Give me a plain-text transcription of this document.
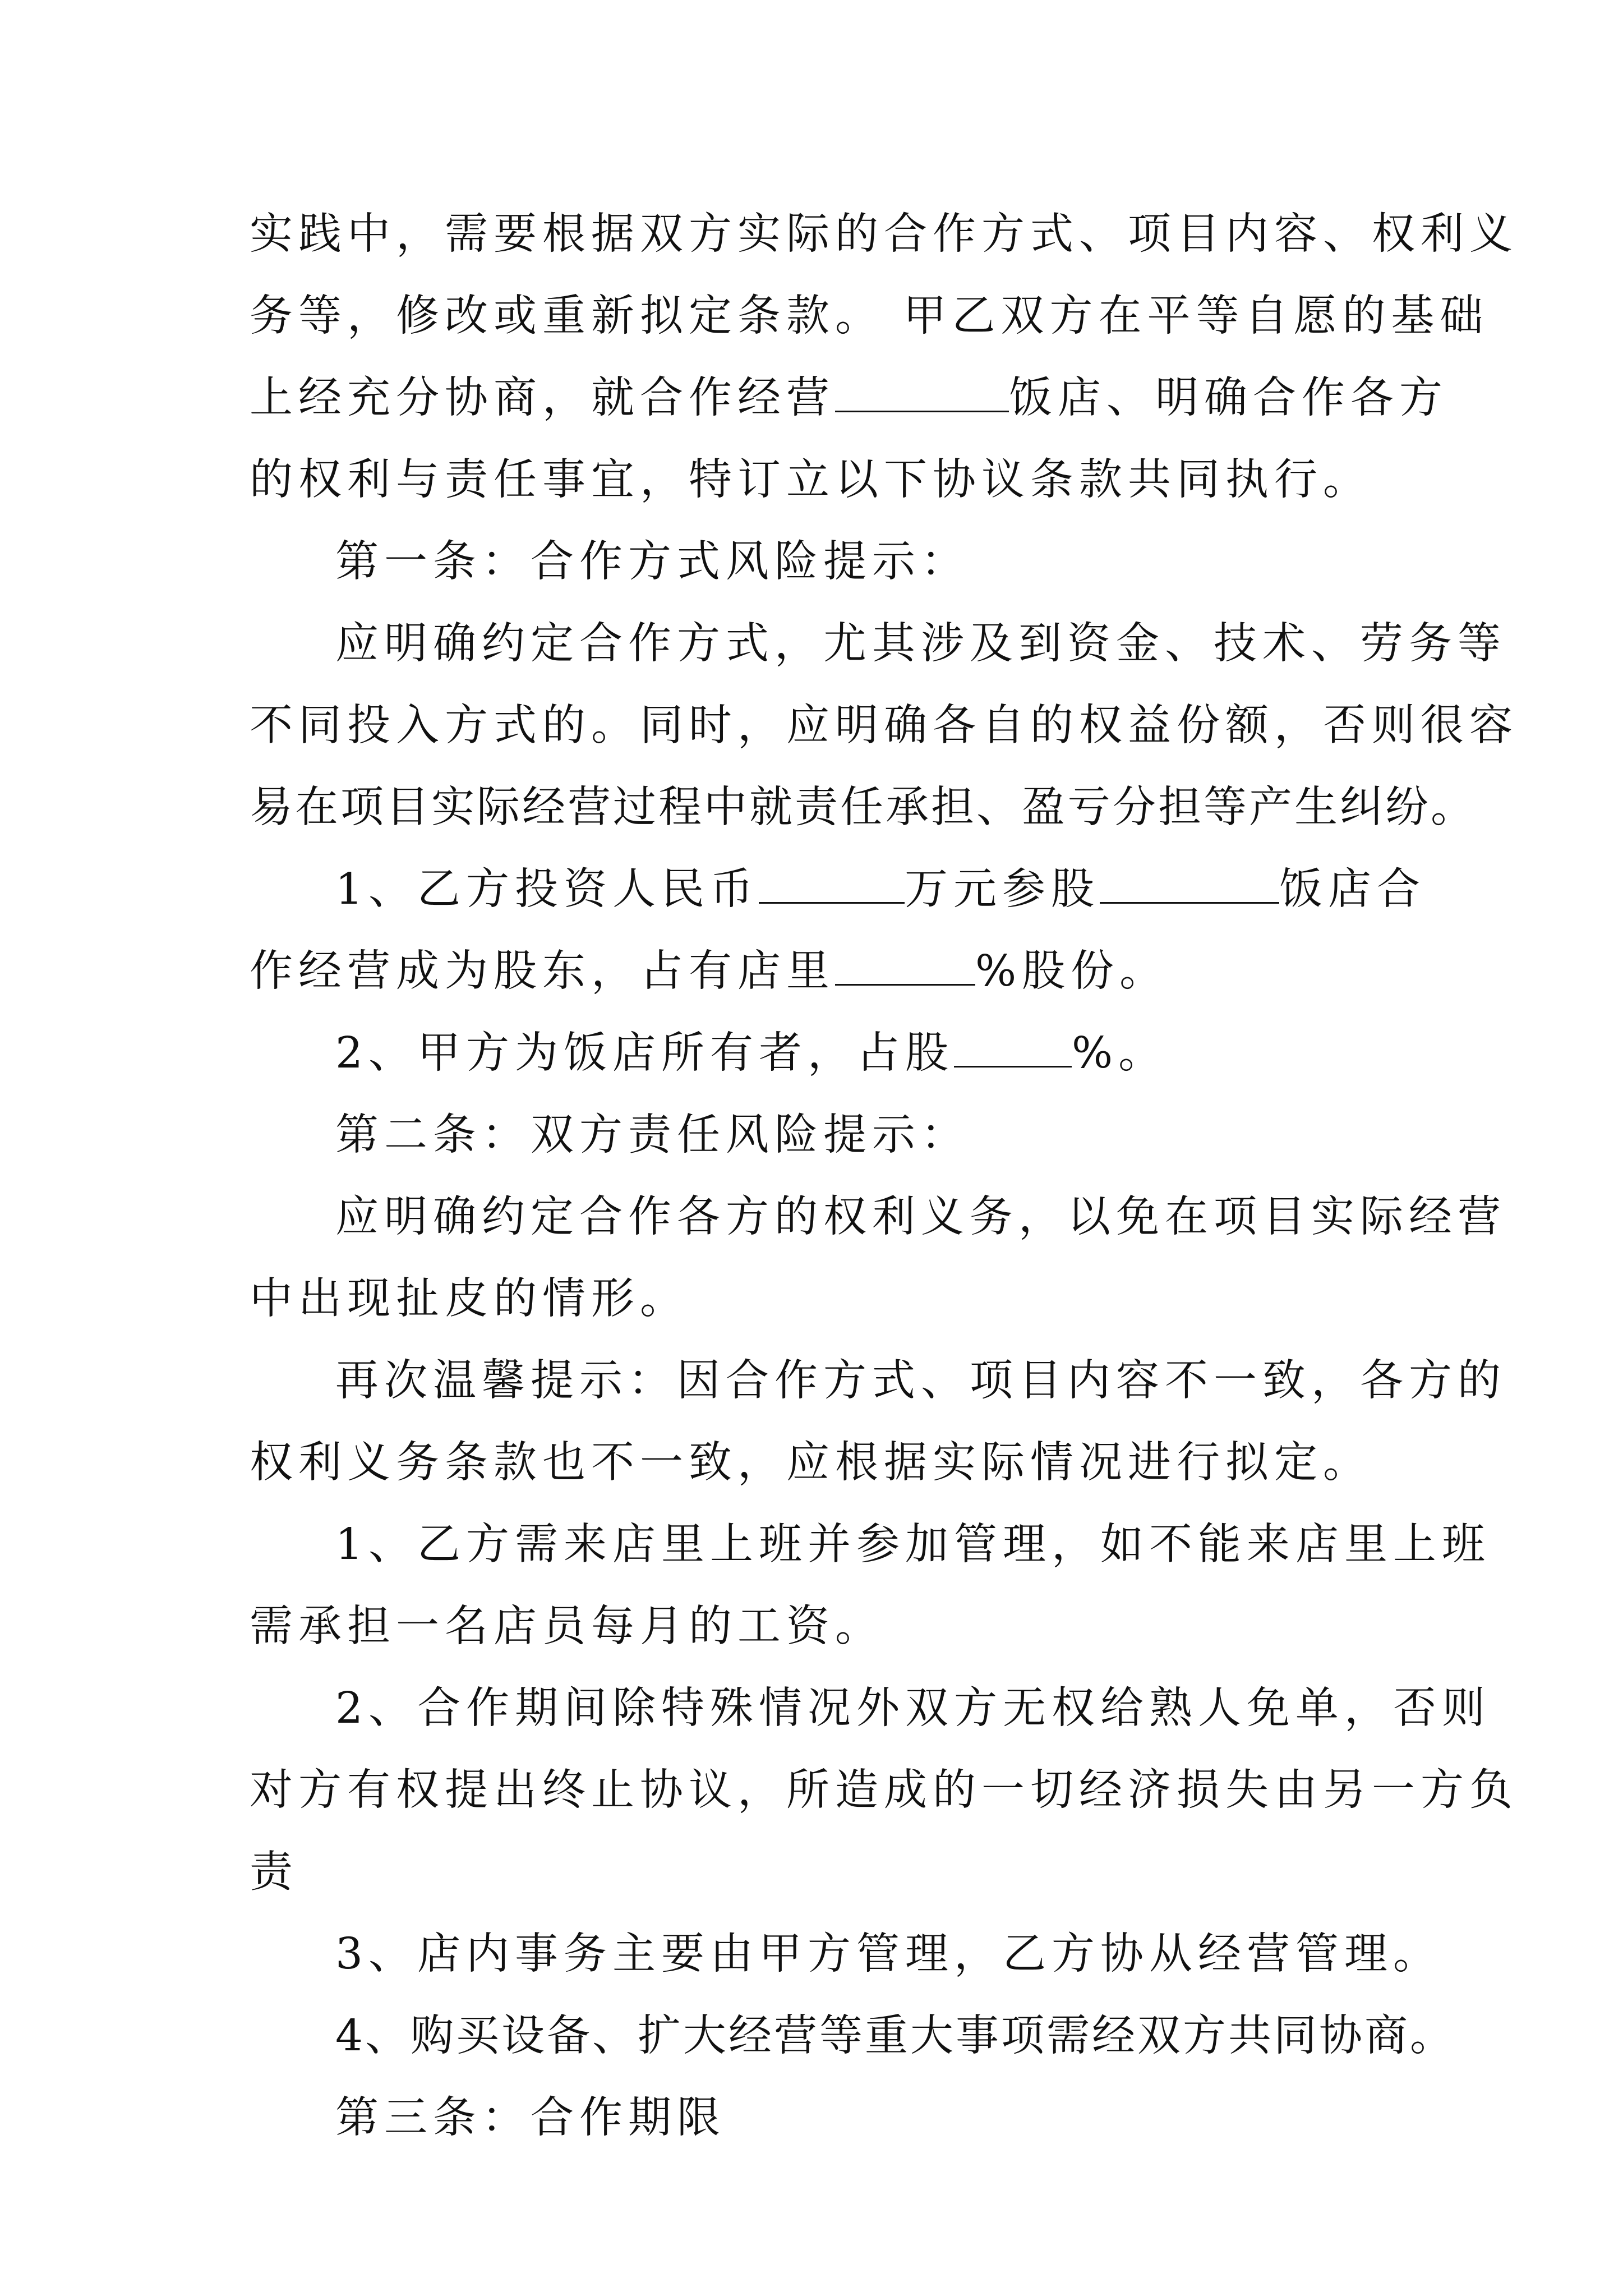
实践中，需要根据双方实际的合作方式、项目内容、权利义
务等，修改或重新拟定条款。 甲乙双方在平等自愿的基础
上经充分协商，就合作经营	饭店、明确合作各方
的权利与责任事宜，特订立以下协议条款共同执行。
第一条：合作方式风险提示：
应明确约定合作方式，尤其涉及到资金、技术、劳务等
不同投入方式的。同时，应明确各自的权益份额，否则很容
易在项目实际经营过程中就责任承担、盈亏分担等产生纠纷。
1、乙方投资人民币	万元参股	饭店合
作经营成为股东，占有店里	%股份。
2、甲方为饭店所有者，占股	%。
第二条：双方责任风险提示：
应明确约定合作各方的权利义务，以免在项目实际经营
中出现扯皮的情形。
再次温馨提示：因合作方式、项目内容不一致，各方的
权利义务条款也不一致，应根据实际情况进行拟定。
1、乙方需来店里上班并参加管理，如不能来店里上班
需承担一名店员每月的工资。
2、合作期间除特殊情况外双方无权给熟人免单，否则
对方有权提出终止协议，所造成的一切经济损失由另一方负
责
3、店内事务主要由甲方管理，乙方协从经营管理。
4、购买设备、扩大经营等重大事项需经双方共同协商。
第三条：合作期限
